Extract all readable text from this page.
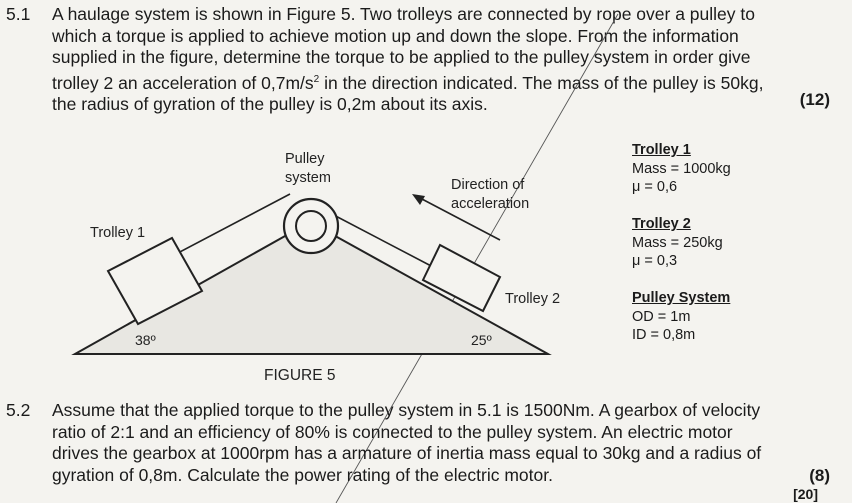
5.1 A haulage system is shown in Figure 5. Two trolleys are connected by rope over a pulley to
which a torque is applied to achieve motion up and down the slope. From the information
supplied in the figure, determine the torque to be applied to the pulley system in order give
trolley 2 an acceleration of $0,7m/s^2$ in the direction indicated. The mass of the pulley is 50kg,
the radius of gyration of the pulley is 0,2m about its axis.	(12)
Pulley
system	Direction of
acceleration
Trolley 1
Trolley 2
38º	25º
FIGURE 5
Trolley 1
Mass = 1000kg
μ = 0,6
Trolley 2
Mass = 250kg
μ = 0,3
Pulley System
OD = 1m
ID = 0,8m
5.2 Assume that the applied torque to the pulley system in 5.1 is 1500Nm. A gearbox of velocity
ratio of 2:1 and an efficiency of 80% is connected to the pulley system. An electric motor
drives the gearbox at 1000rpm has a armature of inertia mass equal to 30kg and a radius of
gyration of 0,8m. Calculate the power rating of the electric motor.	(8)
[20]
